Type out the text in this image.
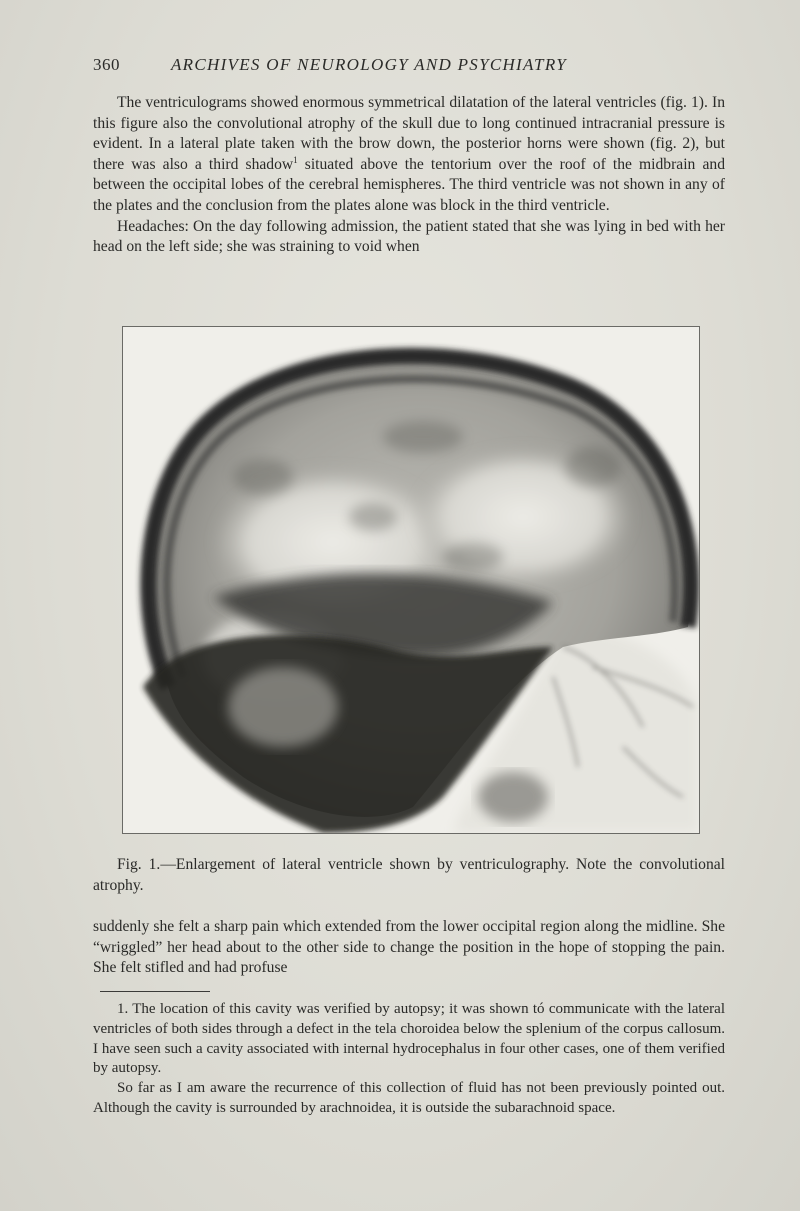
360	ARCHIVES OF NEUROLOGY AND PSYCHIATRY

The ventriculograms showed enormous symmetrical dilatation of the lateral ventricles (fig. 1). In this figure also the convolutional atrophy of the skull due to long continued intracranial pressure is evident. In a lateral plate taken with the brow down, the posterior horns were shown (fig. 2), but there was also a third shadow$^1$ situated above the tentorium over the roof of the midbrain and between the occipital lobes of the cerebral hemispheres. The third ventricle was not shown in any of the plates and the conclusion from the plates alone was block in the third ventricle.

Headaches: On the day following admission, the patient stated that she was lying in bed with her head on the left side; she was straining to void when

Fig. 1.—Enlargement of lateral ventricle shown by ventriculography. Note the convolutional atrophy.

suddenly she felt a sharp pain which extended from the lower occipital region along the midline. She “wriggled” her head about to the other side to change the position in the hope of stopping the pain. She felt stifled and had profuse

1. The location of this cavity was verified by autopsy; it was shown tó communicate with the lateral ventricles of both sides through a defect in the tela choroidea below the splenium of the corpus callosum. I have seen such a cavity associated with internal hydrocephalus in four other cases, one of them verified by autopsy.

So far as I am aware the recurrence of this collection of fluid has not been previously pointed out. Although the cavity is surrounded by arachnoidea, it is outside the subarachnoid space.
